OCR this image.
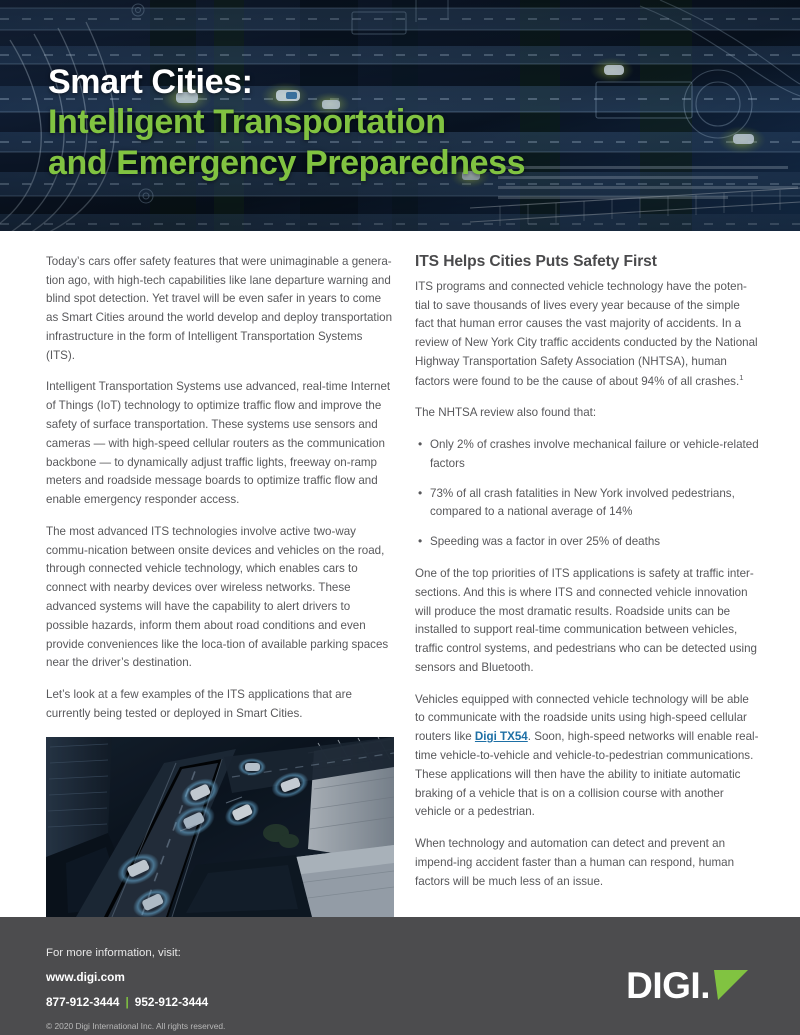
Smart Cities:
Intelligent Transportation
and Emergency Preparedness

Today’s cars offer safety features that were unimaginable a genera-tion ago, with high-tech capabilities like lane departure warning and blind spot detection. Yet travel will be even safer in years to come as Smart Cities around the world develop and deploy transportation infrastructure in the form of Intelligent Transportation Systems (ITS).

Intelligent Transportation Systems use advanced, real-time Internet of Things (IoT) technology to optimize traffic flow and improve the safety of surface transportation. These systems use sensors and cameras — with high-speed cellular routers as the communication backbone — to dynamically adjust traffic lights, freeway on-ramp meters and roadside message boards to optimize traffic flow and enable emergency responder access.

The most advanced ITS technologies involve active two-way commu-nication between onsite devices and vehicles on the road, through connected vehicle technology, which enables cars to connect with nearby devices over wireless networks. These advanced systems will have the capability to alert drivers to possible hazards, inform them about road conditions and even provide conveniences like the loca-tion of available parking spaces near the driver’s destination.

Let’s look at a few examples of the ITS applications that are currently being tested or deployed in Smart Cities.

ITS Helps Cities Puts Safety First

ITS programs and connected vehicle technology have the poten-tial to save thousands of lives every year because of the simple fact that human error causes the vast majority of accidents. In a review of New York City traffic accidents conducted by the National Highway Transportation Safety Association (NHTSA), human factors were found to be the cause of about 94% of all crashes.$^1$

The NHTSA review also found that:

• Only 2% of crashes involve mechanical failure or vehicle-related factors
• 73% of all crash fatalities in New York involved pedestrians, compared to a national average of 14%
• Speeding was a factor in over 25% of deaths

One of the top priorities of ITS applications is safety at traffic inter-sections. And this is where ITS and connected vehicle innovation will produce the most dramatic results. Roadside units can be installed to support real-time communication between vehicles, traffic control systems, and pedestrians who can be detected using sensors and Bluetooth.

Vehicles equipped with connected vehicle technology will be able to communicate with the roadside units using high-speed cellular routers like Digi TX54. Soon, high-speed networks will enable real-time vehicle-to-vehicle and vehicle-to-pedestrian communications. These applications will then have the ability to initiate automatic braking of a vehicle that is on a collision course with another vehicle or a pedestrian.

When technology and automation can detect and prevent an impend-ing accident faster than a human can respond, human factors will be much less of an issue.

For more information, visit:
www.digi.com
877-912-3444 | 952-912-3444
© 2020 Digi International Inc. All rights reserved.
DIGI.
